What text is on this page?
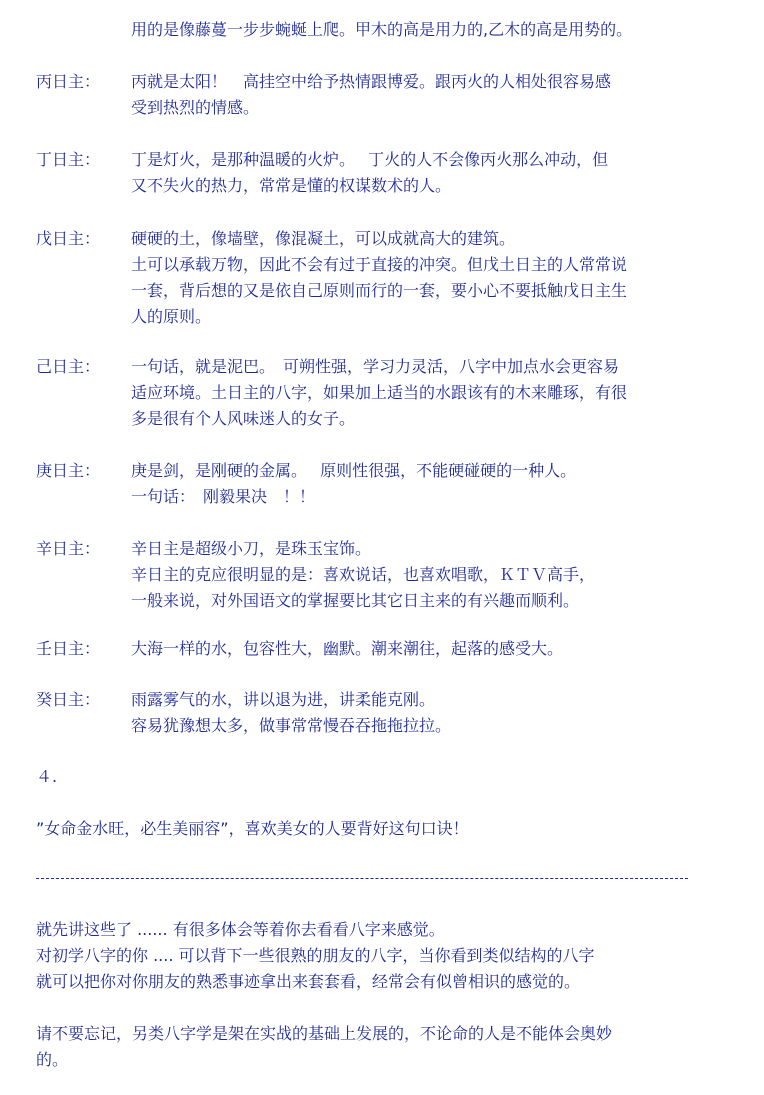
用的是像藤蔓一步步蜿蜒上爬。甲木的高是用力的,乙木的高是用势的。
丙日主： 丙就是太阳！　高挂空中给予热情跟博爱。跟丙火的人相处很容易感
受到热烈的情感。
丁日主： 丁是灯火，是那种温暖的火炉。　 丁火的人不会像丙火那么冲动，但
又不失火的热力，常常是懂的权谋数术的人。
戊日主： 硬硬的土，像墙壁，像混凝土，可以成就高大的建筑。
土可以承载万物，因此不会有过于直接的冲突。但戊土日主的人常常说
一套，背后想的又是依自己原则而行的一套，要小心不要抵触戊日主生
人的原则。
己日主： 一句话，就是泥巴。　可朔性强，学习力灵活，八字中加点水会更容易
适应环境。土日主的八字，如果加上适当的水跟该有的木来雕琢，有很
多是很有个人风味迷人的女子。
庚日主： 庚是剑，是刚硬的金属。　 原则性很强，不能硬碰硬的一种人。
一句话：　刚毅果决　！！
辛日主： 辛日主是超级小刀，是珠玉宝饰。
辛日主的克应很明显的是：喜欢说话，也喜欢唱歌，ＫＴＶ高手，
一般来说，对外国语文的掌握要比其它日主来的有兴趣而顺利。
壬日主： 大海一样的水，包容性大，幽默。潮来潮往，起落的感受大。
癸日主： 雨露雾气的水，讲以退为进，讲柔能克刚。
容易犹豫想太多，做事常常慢吞吞拖拖拉拉。
４.
”女命金水旺，必生美丽容”，喜欢美女的人要背好这句口诀！
就先讲这些了 ...... 有很多体会等着你去看看八字来感觉。
对初学八字的你 .... 可以背下一些很熟的朋友的八字，当你看到类似结构的八字
就可以把你对你朋友的熟悉事迹拿出来套套看，经常会有似曾相识的感觉的。
请不要忘记，另类八字学是架在实战的基础上发展的，不论命的人是不能体会奥妙
的。
